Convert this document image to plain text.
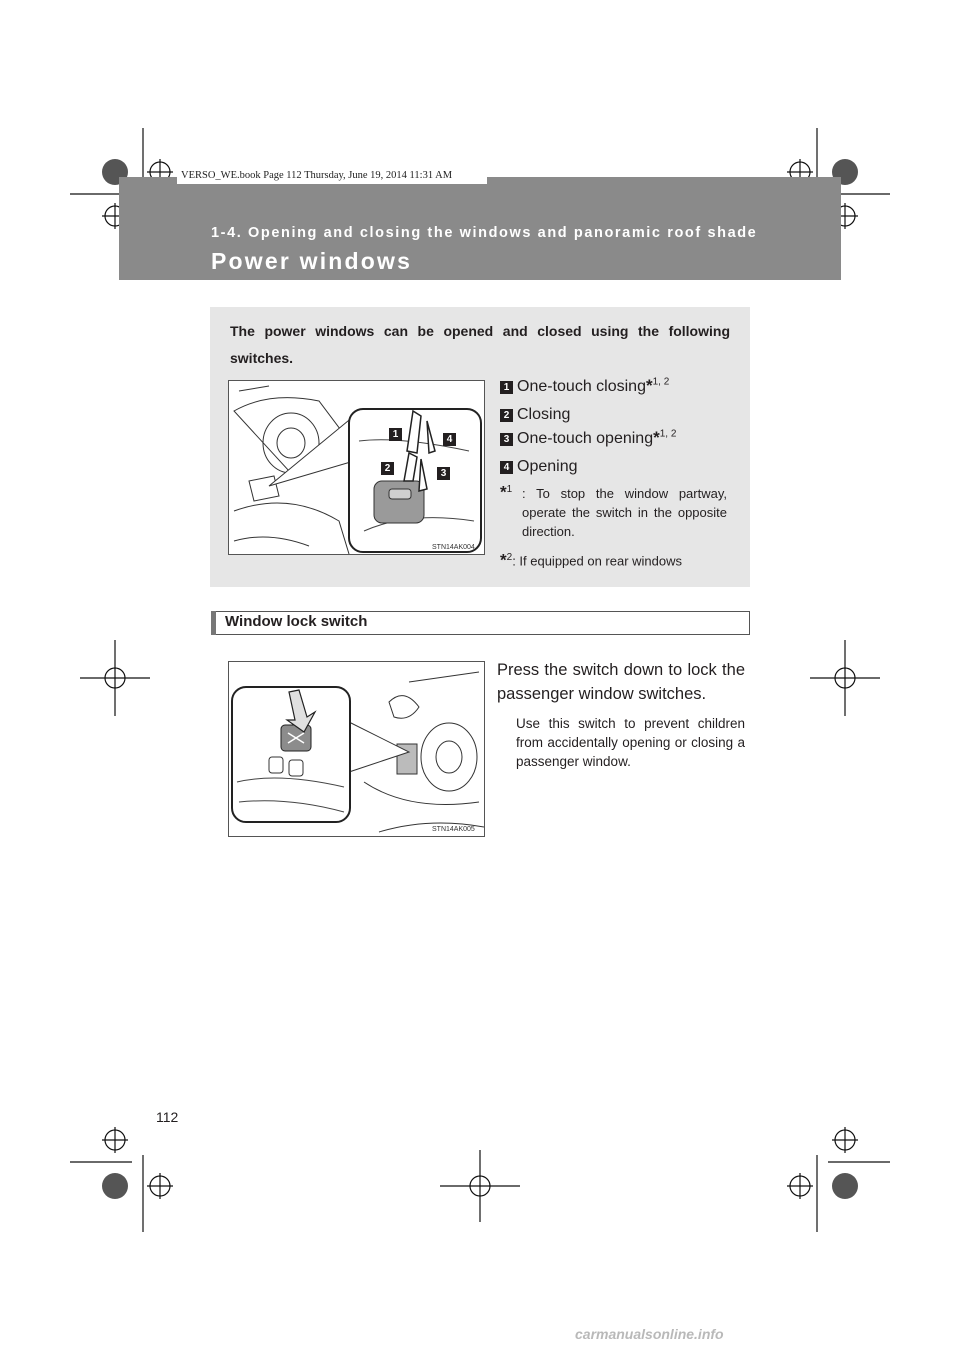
VERSO_WE.book Page 112 Thursday, June 19, 2014 11:31 AM
1-4. Opening and closing the windows and panoramic roof shade
Power windows
The power windows can be opened and closed using the following switches.
1	4
2	3
STN14AK004
1 One-touch closing*$^{1, 2}$
2 Closing
3 One-touch opening*$^{1, 2}$
4 Opening
*$^1$ : To stop the window partway, operate the switch in the opposite direction.
*$^2$: If equipped on rear windows
Window lock switch
STN14AK005
Press the switch down to lock the passenger window switches.
Use this switch to prevent children from accidentally opening or closing a passenger window.
112
carmanualsonline.info
